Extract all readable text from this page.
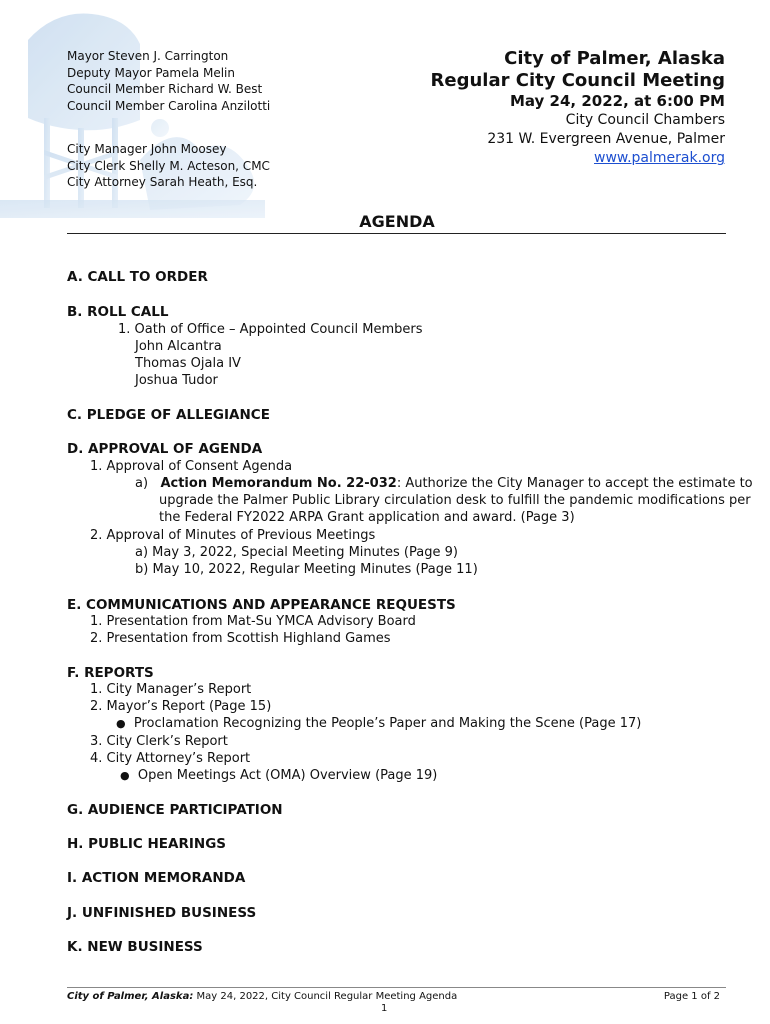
Mayor Steven J. Carrington
Deputy Mayor Pamela Melin
Council Member Richard W. Best
Council Member Carolina Anzilotti
City Manager John Moosey
City Clerk Shelly M. Acteson, CMC
City Attorney Sarah Heath, Esq.
City of Palmer, Alaska
Regular City Council Meeting
May 24, 2022, at 6:00 PM
City Council Chambers
231 W. Evergreen Avenue, Palmer
www.palmerak.org
AGENDA
A. CALL TO ORDER
B. ROLL CALL
1. Oath of Office – Appointed Council Members
John Alcantra
Thomas Ojala IV
Joshua Tudor
C. PLEDGE OF ALLEGIANCE
D. APPROVAL OF AGENDA
1. Approval of Consent Agenda
a) Action Memorandum No. 22-032: Authorize the City Manager to accept the estimate to
upgrade the Palmer Public Library circulation desk to fulfill the pandemic modifications per
the Federal FY2022 ARPA Grant application and award. (Page 3)
2. Approval of Minutes of Previous Meetings
a) May 3, 2022, Special Meeting Minutes (Page 9)
b) May 10, 2022, Regular Meeting Minutes (Page 11)
E. COMMUNICATIONS AND APPEARANCE REQUESTS
1. Presentation from Mat-Su YMCA Advisory Board
2. Presentation from Scottish Highland Games
F. REPORTS
1. City Manager’s Report
2. Mayor’s Report (Page 15)
● Proclamation Recognizing the People’s Paper and Making the Scene (Page 17)
3. City Clerk’s Report
4. City Attorney’s Report
● Open Meetings Act (OMA) Overview (Page 19)
G. AUDIENCE PARTICIPATION
H. PUBLIC HEARINGS
I. ACTION MEMORANDA
J. UNFINISHED BUSINESS
K. NEW BUSINESS
City of Palmer, Alaska: May 24, 2022, City Council Regular Meeting Agenda	Page 1 of 2
1
